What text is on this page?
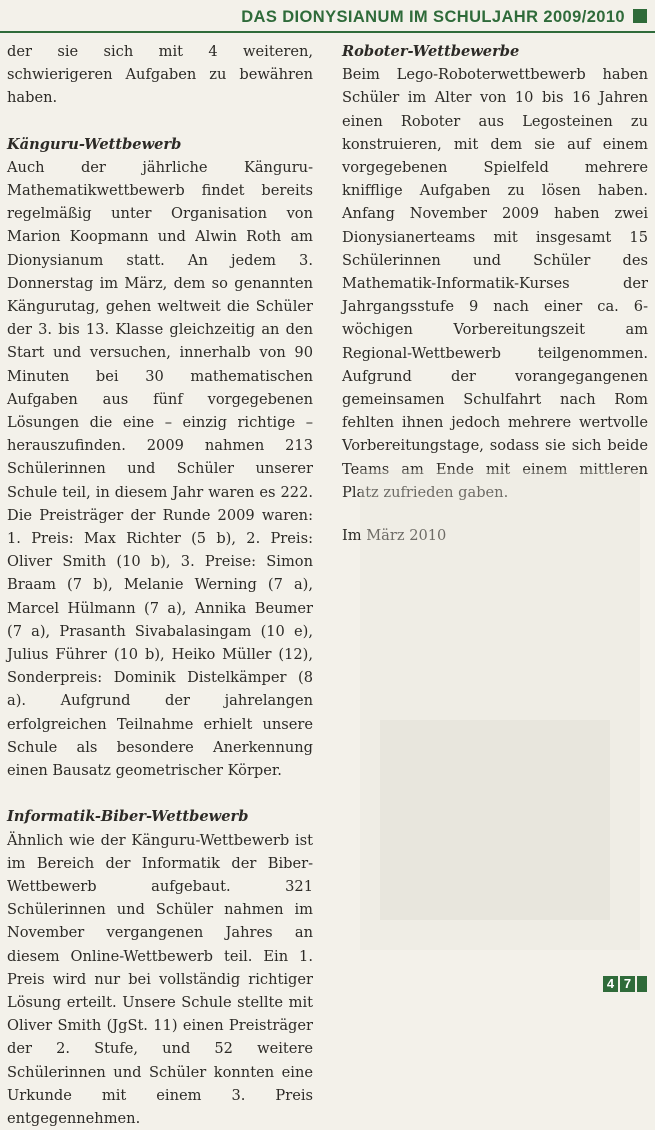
DAS DIONYSIANUM IM SCHULJAHR 2009/2010

der sie sich mit 4 weiteren, schwierigeren Aufgaben zu bewähren haben.

Känguru-Wettbewerb

Auch der jährliche Känguru-Mathematikwettbewerb findet bereits regelmäßig unter Organisation von Marion Koopmann und Alwin Roth am Dionysianum statt. An jedem 3. Donnerstag im März, dem so genannten Kängurutag, gehen weltweit die Schüler der 3. bis 13. Klasse gleichzeitig an den Start und versuchen, innerhalb von 90 Minuten bei 30 mathematischen Aufgaben aus fünf vorgegebenen Lösungen die eine – einzig richtige – herauszufinden. 2009 nahmen 213 Schülerinnen und Schüler unserer Schule teil, in diesem Jahr waren es 222. Die Preisträger der Runde 2009 waren: 1. Preis: Max Richter (5 b), 2. Preis: Oliver Smith (10 b), 3. Preise: Simon Braam (7 b), Melanie Werning (7 a), Marcel Hülmann (7 a), Annika Beumer (7 a), Prasanth Sivabalasingam (10 e), Julius Führer (10 b), Heiko Müller (12), Sonderpreis: Dominik Distelkämper (8 a). Aufgrund der jahrelangen erfolgreichen Teilnahme erhielt unsere Schule als besondere Anerkennung einen Bausatz geometrischer Körper.

Informatik-Biber-Wettbewerb

Ähnlich wie der Känguru-Wettbewerb ist im Bereich der Informatik der Biber-Wettbewerb aufgebaut. 321 Schülerinnen und Schüler nahmen im November vergangenen Jahres an diesem Online-Wettbewerb teil. Ein 1. Preis wird nur bei vollständig richtiger Lösung erteilt. Unsere Schule stellte mit Oliver Smith (JgSt. 11) einen Preisträger der 2. Stufe, und 52 weitere Schülerinnen und Schüler konnten eine Urkunde mit einem 3. Preis entgegennehmen.

Roboter-Wettbewerbe

Beim Lego-Roboterwettbewerb haben Schüler im Alter von 10 bis 16 Jahren einen Roboter aus Legosteinen zu konstruieren, mit dem sie auf einem vorgegebenen Spielfeld mehrere knifflige Aufgaben zu lösen haben. Anfang November 2009 haben zwei Dionysianerteams mit insgesamt 15 Schülerinnen und Schüler des Mathematik-Informatik-Kurses der Jahrgangsstufe 9 nach einer ca. 6-wöchigen Vorbereitungszeit am Regional-Wettbewerb teilgenommen. Aufgrund der vorangegangenen gemeinsamen Schulfahrt nach Rom fehlten ihnen jedoch mehrere wertvolle Vorbereitungstage, sodass sie sich beide Teams am Ende mit einem mittleren Platz zufrieden gaben.

Im März 2010

4 7
